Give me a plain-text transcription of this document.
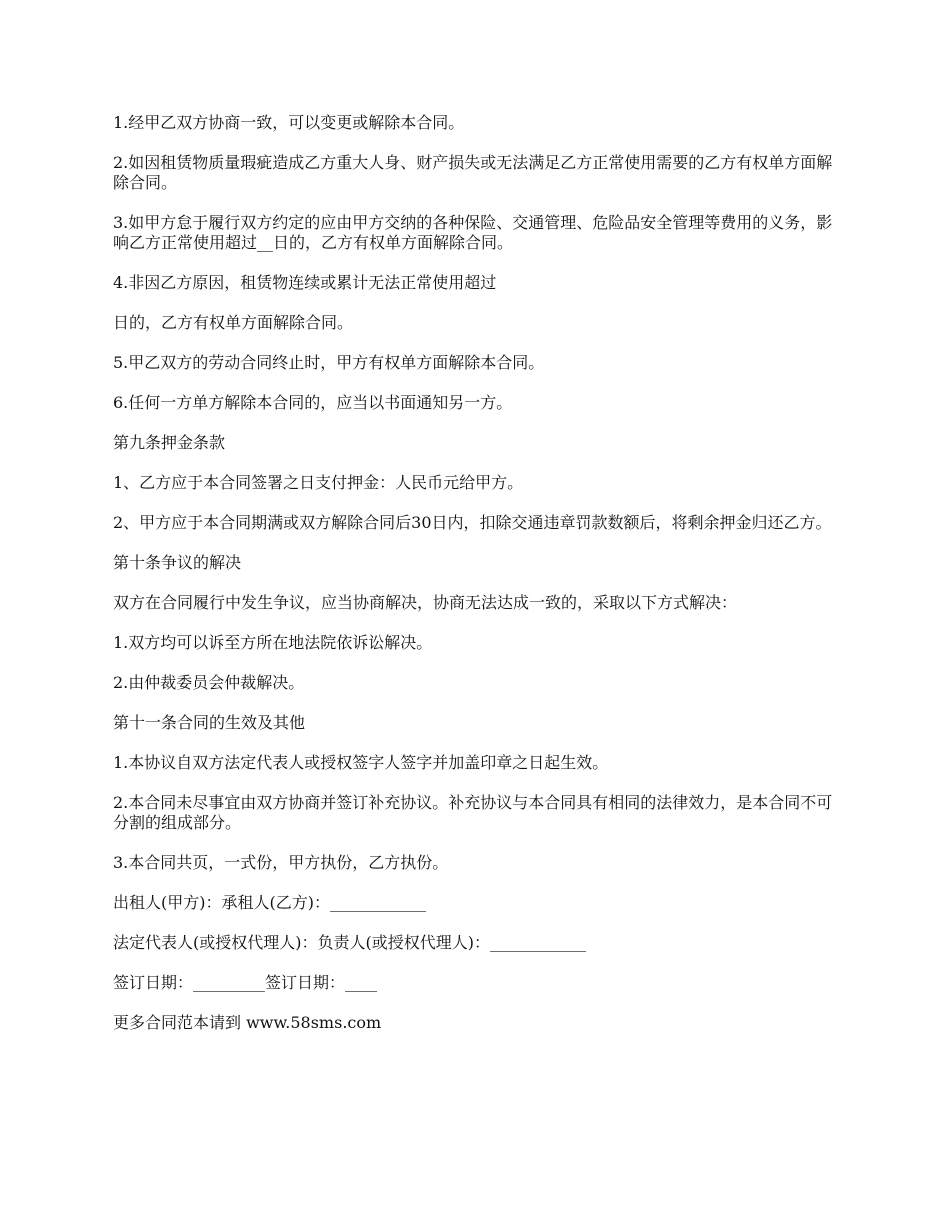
1.经甲乙双方协商一致，可以变更或解除本合同。

2.如因租赁物质量瑕疵造成乙方重大人身、财产损失或无法满足乙方正常使用需要的乙方有权单方面解除合同。

3.如甲方怠于履行双方约定的应由甲方交纳的各种保险、交通管理、危险品安全管理等费用的义务，影响乙方正常使用超过__日的，乙方有权单方面解除合同。

4.非因乙方原因，租赁物连续或累计无法正常使用超过

日的，乙方有权单方面解除合同。

5.甲乙双方的劳动合同终止时，甲方有权单方面解除本合同。

6.任何一方单方解除本合同的，应当以书面通知另一方。

第九条押金条款

1、乙方应于本合同签署之日支付押金：人民币元给甲方。

2、甲方应于本合同期满或双方解除合同后30日内，扣除交通违章罚款数额后，将剩余押金归还乙方。

第十条争议的解决

双方在合同履行中发生争议，应当协商解决，协商无法达成一致的，采取以下方式解决：

1.双方均可以诉至方所在地法院依诉讼解决。

2.由仲裁委员会仲裁解决。

第十一条合同的生效及其他

1.本协议自双方法定代表人或授权签字人签字并加盖印章之日起生效。

2.本合同未尽事宜由双方协商并签订补充协议。补充协议与本合同具有相同的法律效力，是本合同不可分割的组成部分。

3.本合同共页，一式份，甲方执份，乙方执份。

出租人(甲方)：承租人(乙方)：____________

法定代表人(或授权代理人)：负责人(或授权代理人)：____________

签订日期：_________签订日期：____

更多合同范本请到 www.58sms.com
